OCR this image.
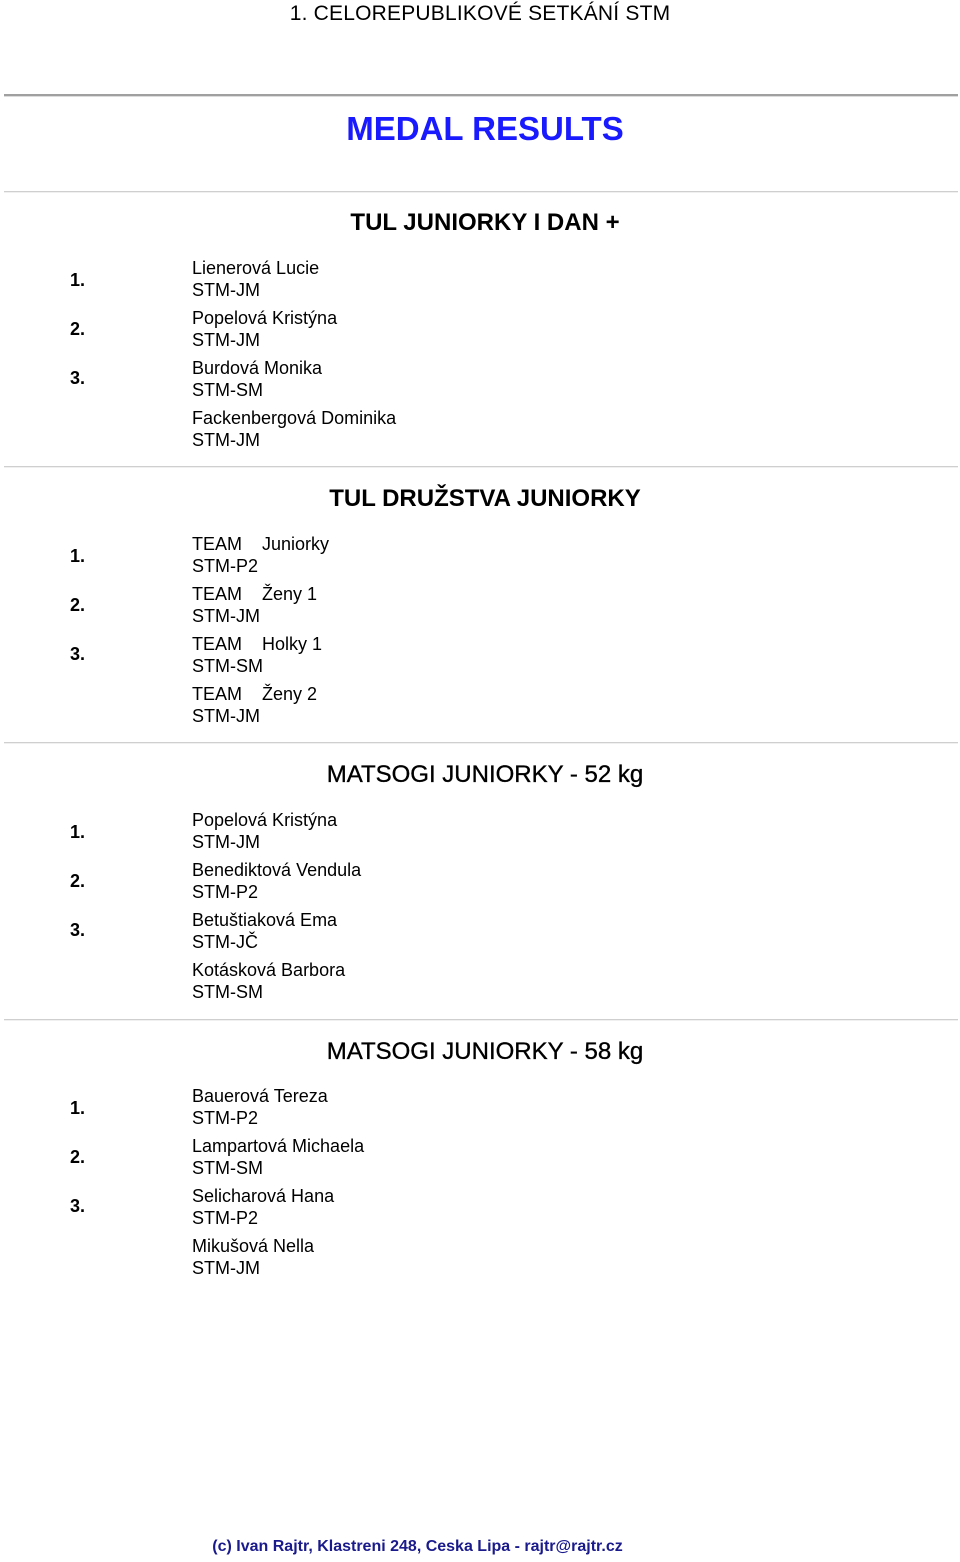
1. CELOREPUBLIKOVÉ SETKÁNÍ STM
MEDAL RESULTS
TUL JUNIORKY I DAN +
1.
2.
3.
Lienerová Lucie
STM-JM
Popelová Kristýna
STM-JM
Burdová Monika
STM-SM
Fackenbergová Dominika
STM-JM
TUL DRUŽSTVA JUNIORKY
1.
2.
3.
TEAM    Juniorky
STM-P2
TEAM    Ženy 1
STM-JM
TEAM    Holky 1
STM-SM
TEAM    Ženy 2
STM-JM
MATSOGI JUNIORKY - 52 kg
1.
2.
3.
Popelová Kristýna
STM-JM
Benediktová Vendula
STM-P2
Betuštiaková Ema
STM-JČ
Kotásková Barbora
STM-SM
MATSOGI JUNIORKY - 58 kg
1.
2.
3.
Bauerová Tereza
STM-P2
Lampartová Michaela
STM-SM
Selicharová Hana
STM-P2
Mikušová Nella
STM-JM
(c) Ivan Rajtr, Klastreni 248, Ceska Lipa - rajtr@rajtr.cz
